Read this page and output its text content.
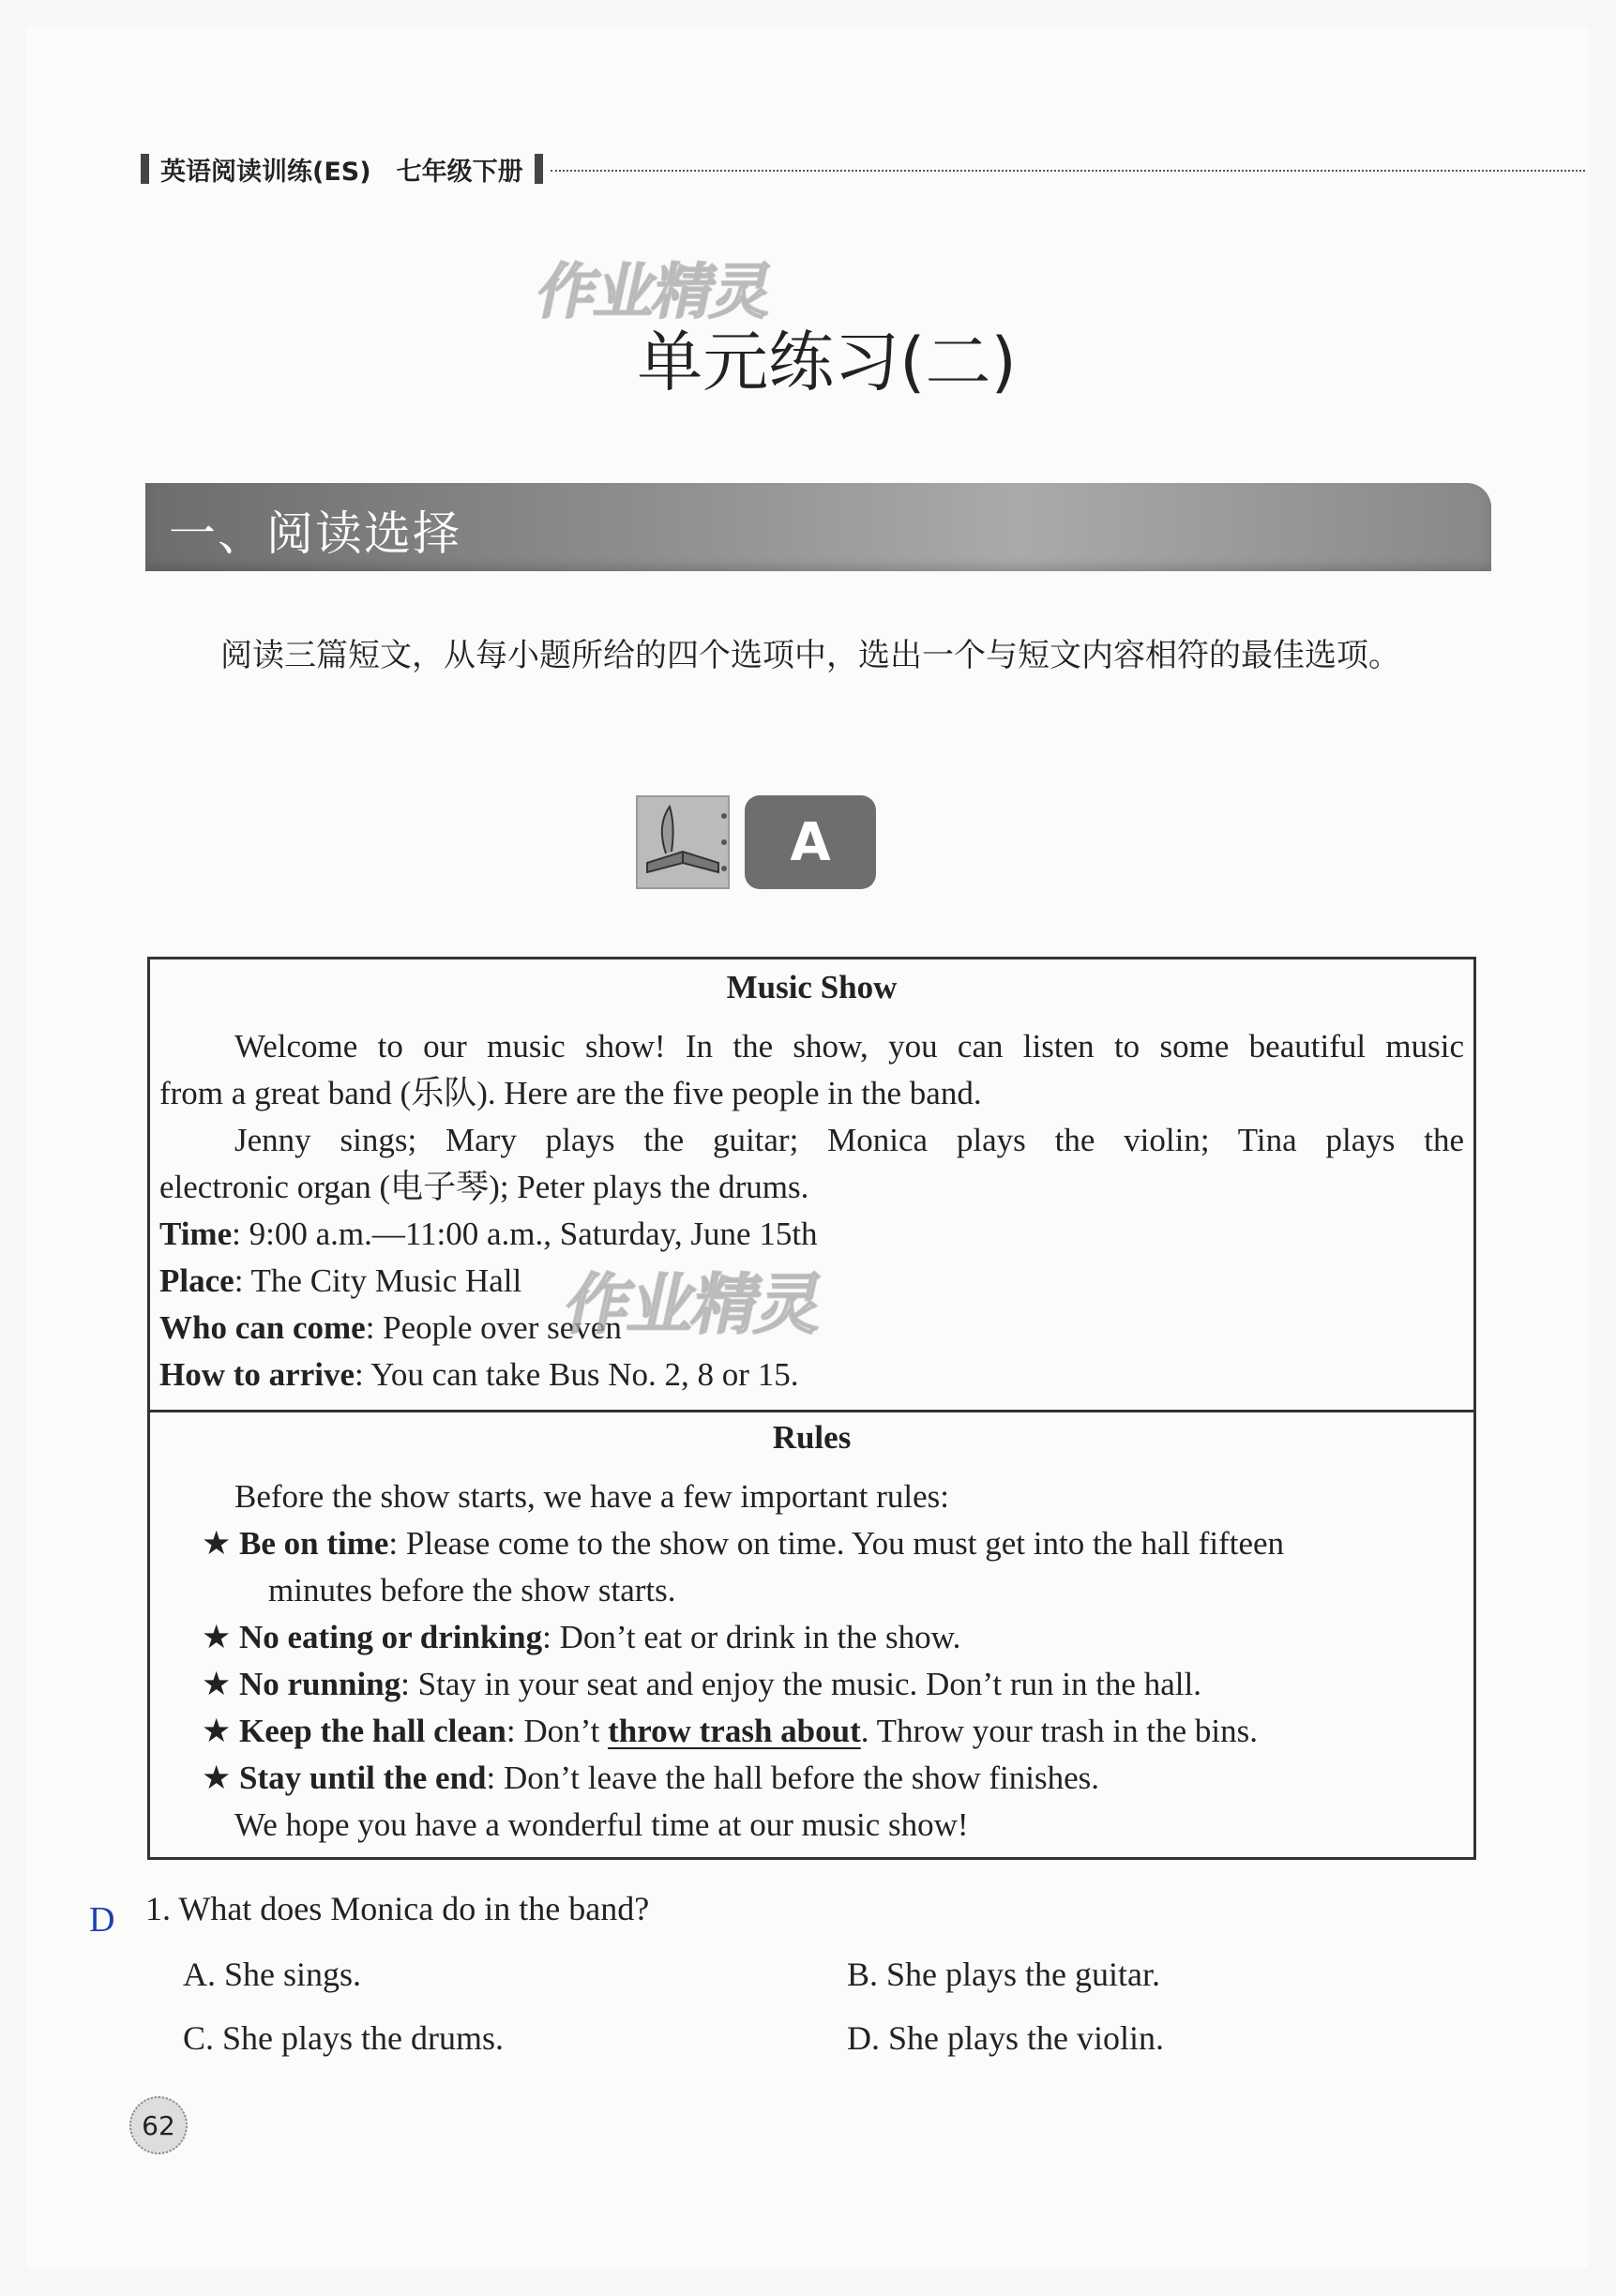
英语阅读训练(ES)　七年级下册
作业精灵
单元练习(二)
一、阅读选择
阅读三篇短文，从每小题所给的四个选项中，选出一个与短文内容相符的最佳选项。
A
Music Show
Welcome to our music show! In the show, you can listen to some beautiful music
from a great band (乐队). Here are the five people in the band.
Jenny sings; Mary plays the guitar; Monica plays the violin; Tina plays the
electronic organ (电子琴); Peter plays the drums.
Time: 9:00 a.m.—11:00 a.m., Saturday, June 15th
Place: The City Music Hall
Who can come: People over seven
How to arrive: You can take Bus No. 2, 8 or 15.
Rules
Before the show starts, we have a few important rules:
★ Be on time: Please come to the show on time. You must get into the hall fifteen
minutes before the show starts.
★ No eating or drinking: Don’t eat or drink in the show.
★ No running: Stay in your seat and enjoy the music. Don’t run in the hall.
★ Keep the hall clean: Don’t throw trash about. Throw your trash in the bins.
★ Stay until the end: Don’t leave the hall before the show finishes.
We hope you have a wonderful time at our music show!
作业精灵
D 1. What does Monica do in the band?
A. She sings.	B. She plays the guitar.
C. She plays the drums.	D. She plays the violin.
62
